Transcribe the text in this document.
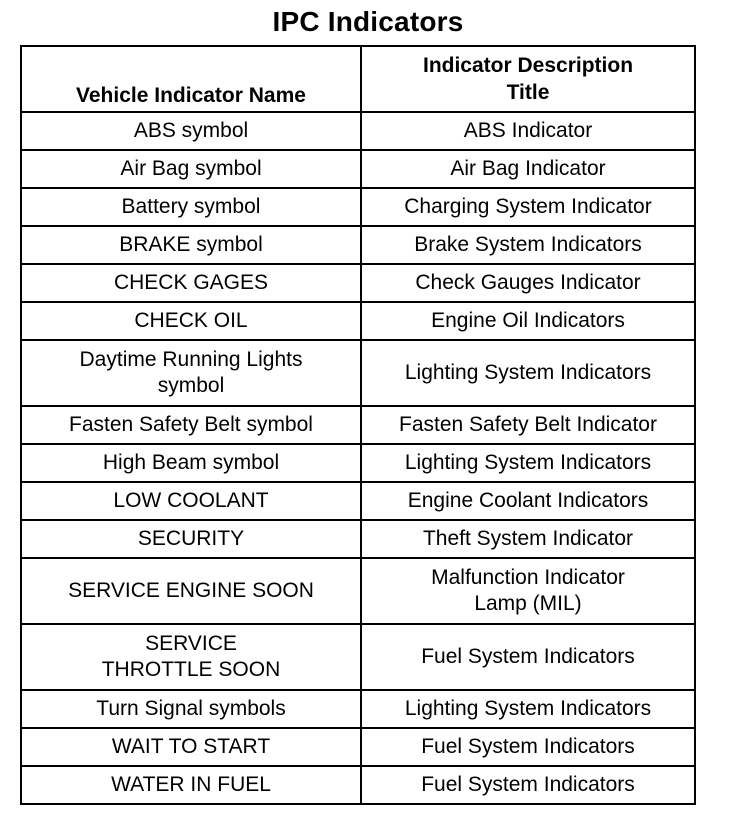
IPC Indicators
Vehicle Indicator Name	Indicator Description
Title
ABS symbol	ABS Indicator
Air Bag symbol	Air Bag Indicator
Battery symbol	Charging System Indicator
BRAKE symbol	Brake System Indicators
CHECK GAGES	Check Gauges Indicator
CHECK OIL	Engine Oil Indicators
Daytime Running Lights
symbol	Lighting System Indicators
Fasten Safety Belt symbol	Fasten Safety Belt Indicator
High Beam symbol	Lighting System Indicators
LOW COOLANT	Engine Coolant Indicators
SECURITY	Theft System Indicator
SERVICE ENGINE SOON	Malfunction Indicator
Lamp (MIL)
SERVICE
THROTTLE SOON	Fuel System Indicators
Turn Signal symbols	Lighting System Indicators
WAIT TO START	Fuel System Indicators
WATER IN FUEL	Fuel System Indicators
